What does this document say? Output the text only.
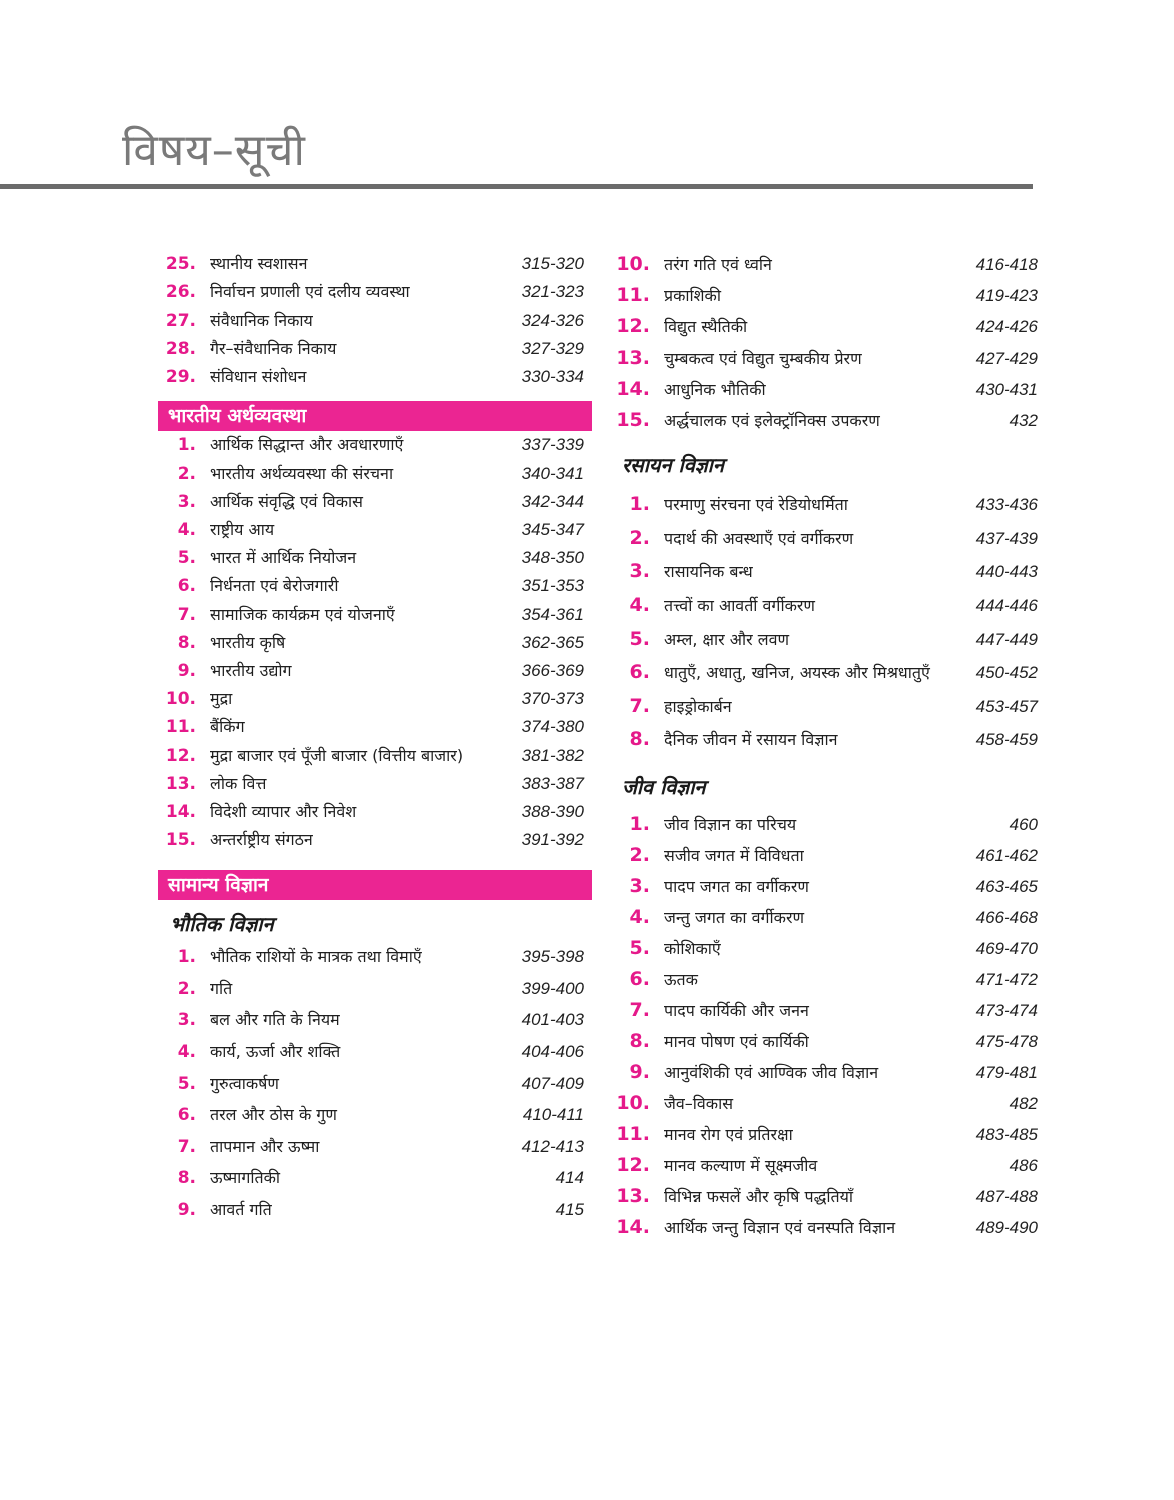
विषय–सूची
25. स्थानीय स्वशासन	315-320
26. निर्वाचन प्रणाली एवं दलीय व्यवस्था	321-323
27. संवैधानिक निकाय	324-326
28. गैर–संवैधानिक निकाय	327-329
29. संविधान संशोधन	330-334
भारतीय अर्थव्यवस्था
1. आर्थिक सिद्धान्त और अवधारणाएँ	337-339
2. भारतीय अर्थव्यवस्था की संरचना	340-341
3. आर्थिक संवृद्धि एवं विकास	342-344
4. राष्ट्रीय आय	345-347
5. भारत में आर्थिक नियोजन	348-350
6. निर्धनता एवं बेरोजगारी	351-353
7. सामाजिक कार्यक्रम एवं योजनाएँ	354-361
8. भारतीय कृषि	362-365
9. भारतीय उद्योग	366-369
10. मुद्रा	370-373
11. बैंकिंग	374-380
12. मुद्रा बाजार एवं पूँजी बाजार (वित्तीय बाजार)	381-382
13. लोक वित्त	383-387
14. विदेशी व्यापार और निवेश	388-390
15. अन्तर्राष्ट्रीय संगठन	391-392
सामान्य विज्ञान
भौतिक विज्ञान
1. भौतिक राशियों के मात्रक तथा विमाएँ	395-398
2. गति	399-400
3. बल और गति के नियम	401-403
4. कार्य, ऊर्जा और शक्ति	404-406
5. गुरुत्वाकर्षण	407-409
6. तरल और ठोस के गुण	410-411
7. तापमान और ऊष्मा	412-413
8. ऊष्मागतिकी	414
9. आवर्त गति	415
10. तरंग गति एवं ध्वनि	416-418
11. प्रकाशिकी	419-423
12. विद्युत स्थैतिकी	424-426
13. चुम्बकत्व एवं विद्युत चुम्बकीय प्रेरण	427-429
14. आधुनिक भौतिकी	430-431
15. अर्द्धचालक एवं इलेक्ट्रॉनिक्स उपकरण	432
रसायन विज्ञान
1. परमाणु संरचना एवं रेडियोधर्मिता	433-436
2. पदार्थ की अवस्थाएँ एवं वर्गीकरण	437-439
3. रासायनिक बन्ध	440-443
4. तत्त्वों का आवर्ती वर्गीकरण	444-446
5. अम्ल, क्षार और लवण	447-449
6. धातुएँ, अधातु, खनिज, अयस्क और मिश्रधातुएँ	450-452
7. हाइड्रोकार्बन	453-457
8. दैनिक जीवन में रसायन विज्ञान	458-459
जीव विज्ञान
1. जीव विज्ञान का परिचय	460
2. सजीव जगत में विविधता	461-462
3. पादप जगत का वर्गीकरण	463-465
4. जन्तु जगत का वर्गीकरण	466-468
5. कोशिकाएँ	469-470
6. ऊतक	471-472
7. पादप कार्यिकी और जनन	473-474
8. मानव पोषण एवं कार्यिकी	475-478
9. आनुवंशिकी एवं आण्विक जीव विज्ञान	479-481
10. जैव–विकास	482
11. मानव रोग एवं प्रतिरक्षा	483-485
12. मानव कल्याण में सूक्ष्मजीव	486
13. विभिन्न फसलें और कृषि पद्धतियाँ	487-488
14. आर्थिक जन्तु विज्ञान एवं वनस्पति विज्ञान	489-490
